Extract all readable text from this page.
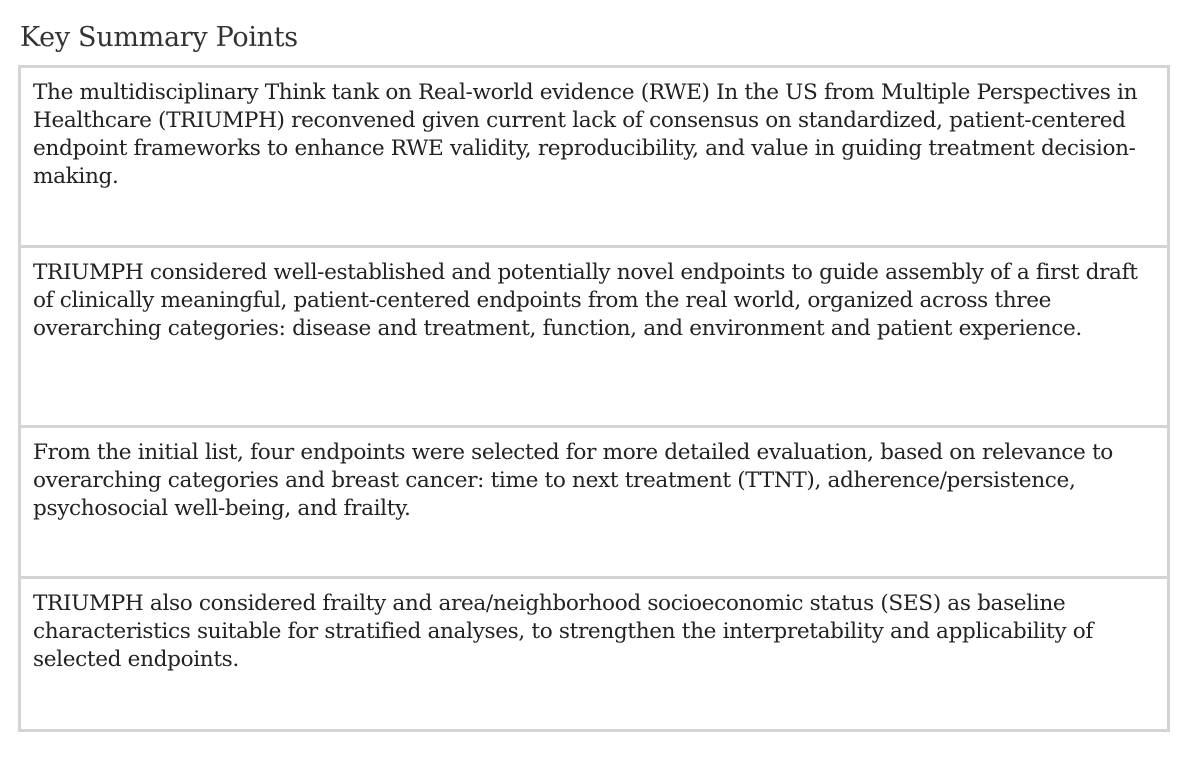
Key Summary Points
The multidisciplinary Think tank on Real-world evidence (RWE) In the US from Multiple Perspectives in Healthcare (TRIUMPH) reconvened given current lack of consensus on standardized, patient-centered endpoint frameworks to enhance RWE validity, reproducibility, and value in guiding treatment decision-making.
TRIUMPH considered well-established and potentially novel endpoints to guide assembly of a first draft of clinically meaningful, patient-centered endpoints from the real world, organized across three overarching categories: disease and treatment, function, and environment and patient experience.
From the initial list, four endpoints were selected for more detailed evaluation, based on relevance to overarching categories and breast cancer: time to next treatment (TTNT), adherence/persistence, psychosocial well-being, and frailty.
TRIUMPH also considered frailty and area/neighborhood socioeconomic status (SES) as baseline characteristics suitable for stratified analyses, to strengthen the interpretability and applicability of selected endpoints.
